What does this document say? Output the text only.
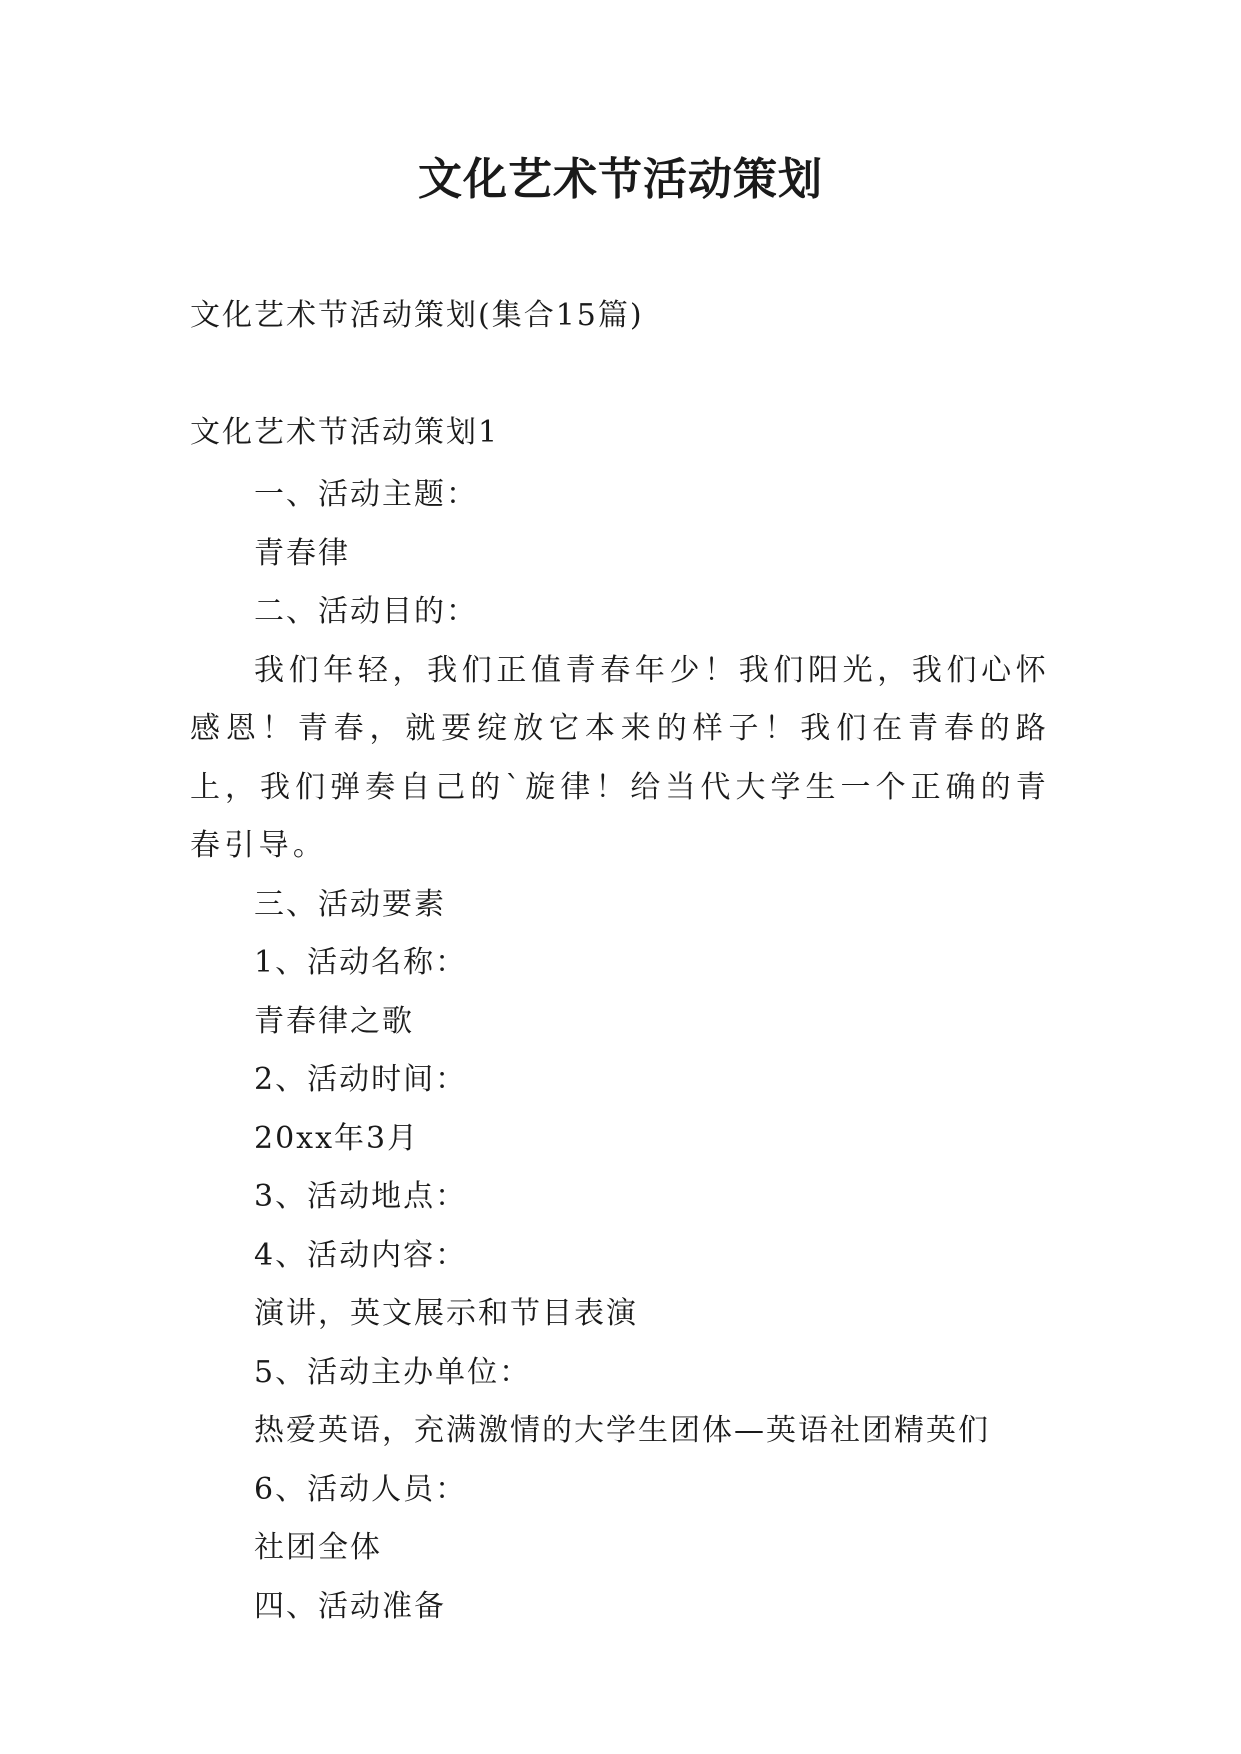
文化艺术节活动策划
文化艺术节活动策划(集合15篇)
文化艺术节活动策划1

一、活动主题：

青春律

二、活动目的：

我们年轻，我们正值青春年少！我们阳光，我们心怀感恩！青春，就要绽放它本来的样子！我们在青春的路上，我们弹奏自己的`旋律！给当代大学生一个正确的青春引导。

三、活动要素

1、活动名称：

青春律之歌

2、活动时间：

20xx年3月

3、活动地点：

4、活动内容：

演讲，英文展示和节目表演

5、活动主办单位：

热爱英语，充满激情的大学生团体—英语社团精英们

6、活动人员：

社团全体

四、活动准备
